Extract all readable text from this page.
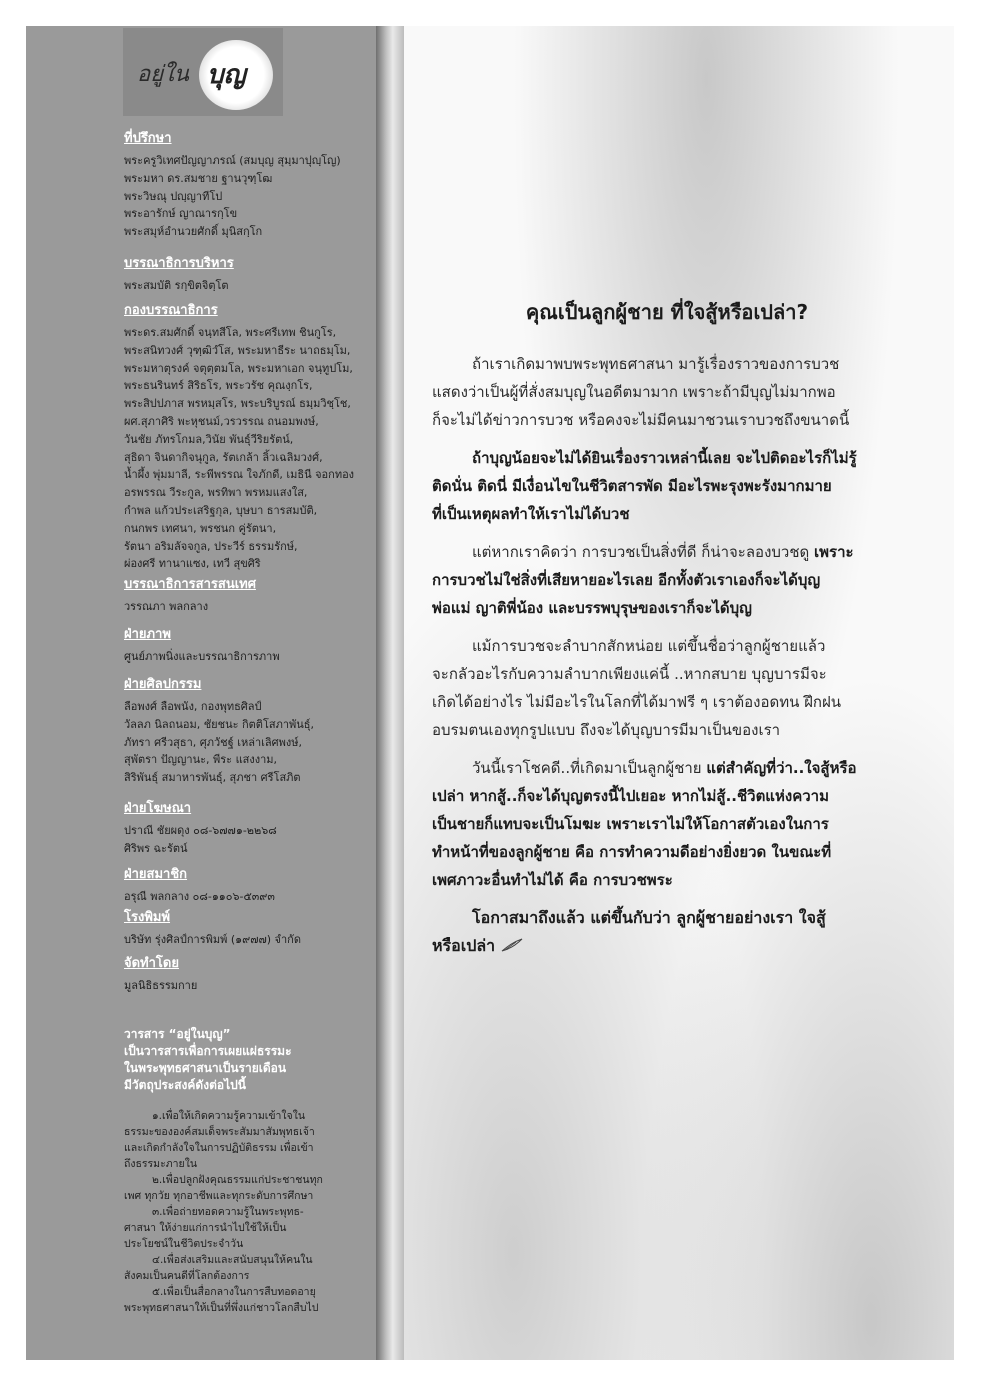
อยู่ใน บุญ
ที่ปรึกษา
พระครูวิเทศปัญญาภรณ์ (สมบุญ สุมฺมาปุญฺโญ)
พระมหา ดร.สมชาย ฐานวุฑฺโฒ
พระวิษณุ ปญฺญาทีโป
พระอารักษ์ ญาณารกฺโข
พระสมุห์อำนวยศักดิ์ มุนิสกฺโก
บรรณาธิการบริหาร
พระสมบัติ รกฺขิตจิตฺโต
กองบรรณาธิการ
พระดร.สมศักดิ์ จนฺทสีโล, พระศรีเทพ ชินกูโร,
พระสนิทวงศ์ วุฑฺฒิวํโส, พระมหาธีระ นาถธมฺโม,
พระมหาตุรงค์ จตุตฺตมโล, พระมหาเอก จนฺทูปโม,
พระธนรินทร์ สิริธโร, พระวรัช คุณงฺกโร,
พระสิปปภาส พรหมฺสโร, พระบริบูรณ์ ธมฺมวิชฺโช,
ผศ.สุภาศิริ พะหุชนม์,วรวรรณ ถนอมพงษ์,
วันชัย ภัทรโกมล,วินัย พันธุ์วีริยรัตน์,
สุธิดา จินดากิจนุกูล, รัตเกล้า ลิ้วเฉลิมวงศ์,
น้ำผึ้ง พุ่มมาลี, ระพีพรรณ ใจภักดี, เมธินี จอกทอง
อรพรรณ วีระกูล, พรทิพา พรหมแสงใส,
กำพล แก้วประเสริฐกุล, บุษบา ธารสมบัติ,
กนกพร เทศนา, พรชนก คู่รัตนา,
รัตนา อริมลัจจกูล, ประวีร์ ธรรมรักษ์,
ผ่องศรี ทานาแซง, เทวี สุขศิริ
บรรณาธิการสารสนเทศ
วรรณภา พลกลาง
ฝ่ายภาพ
ศูนย์ภาพนิ่งและบรรณาธิการภาพ
ฝ่ายศิลปกรรม
ลือพงศ์ ลือพนัง, กองพุทธศิลป์
วัลลภ นิลถนอม, ชัยชนะ กิตติโสภาพันธุ์,
ภัทรา ศรีวสุธา, ศุภวัชฐ์ เหล่าเลิศพงษ์,
สุพัตรา ปัญญานะ, พีระ แสงงาม,
สิริพันธุ์ สมาหารพันธุ์, สุภชา ศรีโสภิต
ฝ่ายโฆษณา
ปราณี ชัยผดุง ๐๘-๖๗๗๑-๒๒๖๘
ศิริพร ฉะรัตน์
ฝ่ายสมาชิก
อรุณี พลกลาง ๐๘-๑๑๐๖-๕๓๙๓
โรงพิมพ์
บริษัท รุ่งศิลป์การพิมพ์ (๑๙๗๗) จำกัด
จัดทำโดย
มูลนิธิธรรมกาย
วารสาร “อยู่ในบุญ”
เป็นวารสารเพื่อการเผยแผ่ธรรมะ
ในพระพุทธศาสนาเป็นรายเดือน
มีวัตถุประสงค์ดังต่อไปนี้
๑.เพื่อให้เกิดความรู้ความเข้าใจใน
ธรรมะขององค์สมเด็จพระสัมมาสัมพุทธเจ้า
และเกิดกำลังใจในการปฏิบัติธรรม เพื่อเข้า
ถึงธรรมะภายใน
๒.เพื่อปลูกฝังคุณธรรมแก่ประชาชนทุก
เพศ ทุกวัย ทุกอาชีพและทุกระดับการศึกษา
๓.เพื่อถ่ายทอดความรู้ในพระพุทธ-
ศาสนา ให้ง่ายแก่การนำไปใช้ให้เป็น
ประโยชน์ในชีวิตประจำวัน
๔.เพื่อส่งเสริมและสนับสนุนให้คนใน
สังคมเป็นคนดีที่โลกต้องการ
๕.เพื่อเป็นสื่อกลางในการสืบทอดอายุ
พระพุทธศาสนาให้เป็นที่พึ่งแก่ชาวโลกสืบไป
คุณเป็นลูกผู้ชาย ที่ใจสู้หรือเปล่า?

ถ้าเราเกิดมาพบพระพุทธศาสนา มารู้เรื่องราวของการบวช
แสดงว่าเป็นผู้ที่สั่งสมบุญในอดีตมามาก เพราะถ้ามีบุญไม่มากพอ
ก็จะไม่ได้ข่าวการบวช หรือคงจะไม่มีคนมาชวนเราบวชถึงขนาดนี้

ถ้าบุญน้อยจะไม่ได้ยินเรื่องราวเหล่านี้เลย จะไปติดอะไรก็ไม่รู้
ติดนั่น ติดนี่ มีเงื่อนไขในชีวิตสารพัด มีอะไรพะรุงพะรังมากมาย
ที่เป็นเหตุผลทำให้เราไม่ได้บวช

แต่หากเราคิดว่า การบวชเป็นสิ่งที่ดี ก็น่าจะลองบวชดู เพราะ
การบวชไม่ใช่สิ่งที่เสียหายอะไรเลย อีกทั้งตัวเราเองก็จะได้บุญ
พ่อแม่ ญาติพี่น้อง และบรรพบุรุษของเราก็จะได้บุญ

แม้การบวชจะลำบากสักหน่อย แต่ขึ้นชื่อว่าลูกผู้ชายแล้ว
จะกลัวอะไรกับความลำบากเพียงแค่นี้ ..หากสบาย บุญบารมีจะ
เกิดได้อย่างไร ไม่มีอะไรในโลกที่ได้มาฟรี ๆ เราต้องอดทน ฝึกฝน
อบรมตนเองทุกรูปแบบ ถึงจะได้บุญบารมีมาเป็นของเรา

วันนี้เราโชคดี..ที่เกิดมาเป็นลูกผู้ชาย แต่สำคัญที่ว่า..ใจสู้หรือ
เปล่า หากสู้..ก็จะได้บุญตรงนี้ไปเยอะ หากไม่สู้..ชีวิตแห่งความ
เป็นชายก็แทบจะเป็นโมฆะ เพราะเราไม่ให้โอกาสตัวเองในการ
ทำหน้าที่ของลูกผู้ชาย คือ การทำความดีอย่างยิ่งยวด ในขณะที่
เพศภาวะอื่นทำไม่ได้ คือ การบวชพระ

โอกาสมาถึงแล้ว แต่ขึ้นกับว่า ลูกผู้ชายอย่างเรา ใจสู้
หรือเปล่า
